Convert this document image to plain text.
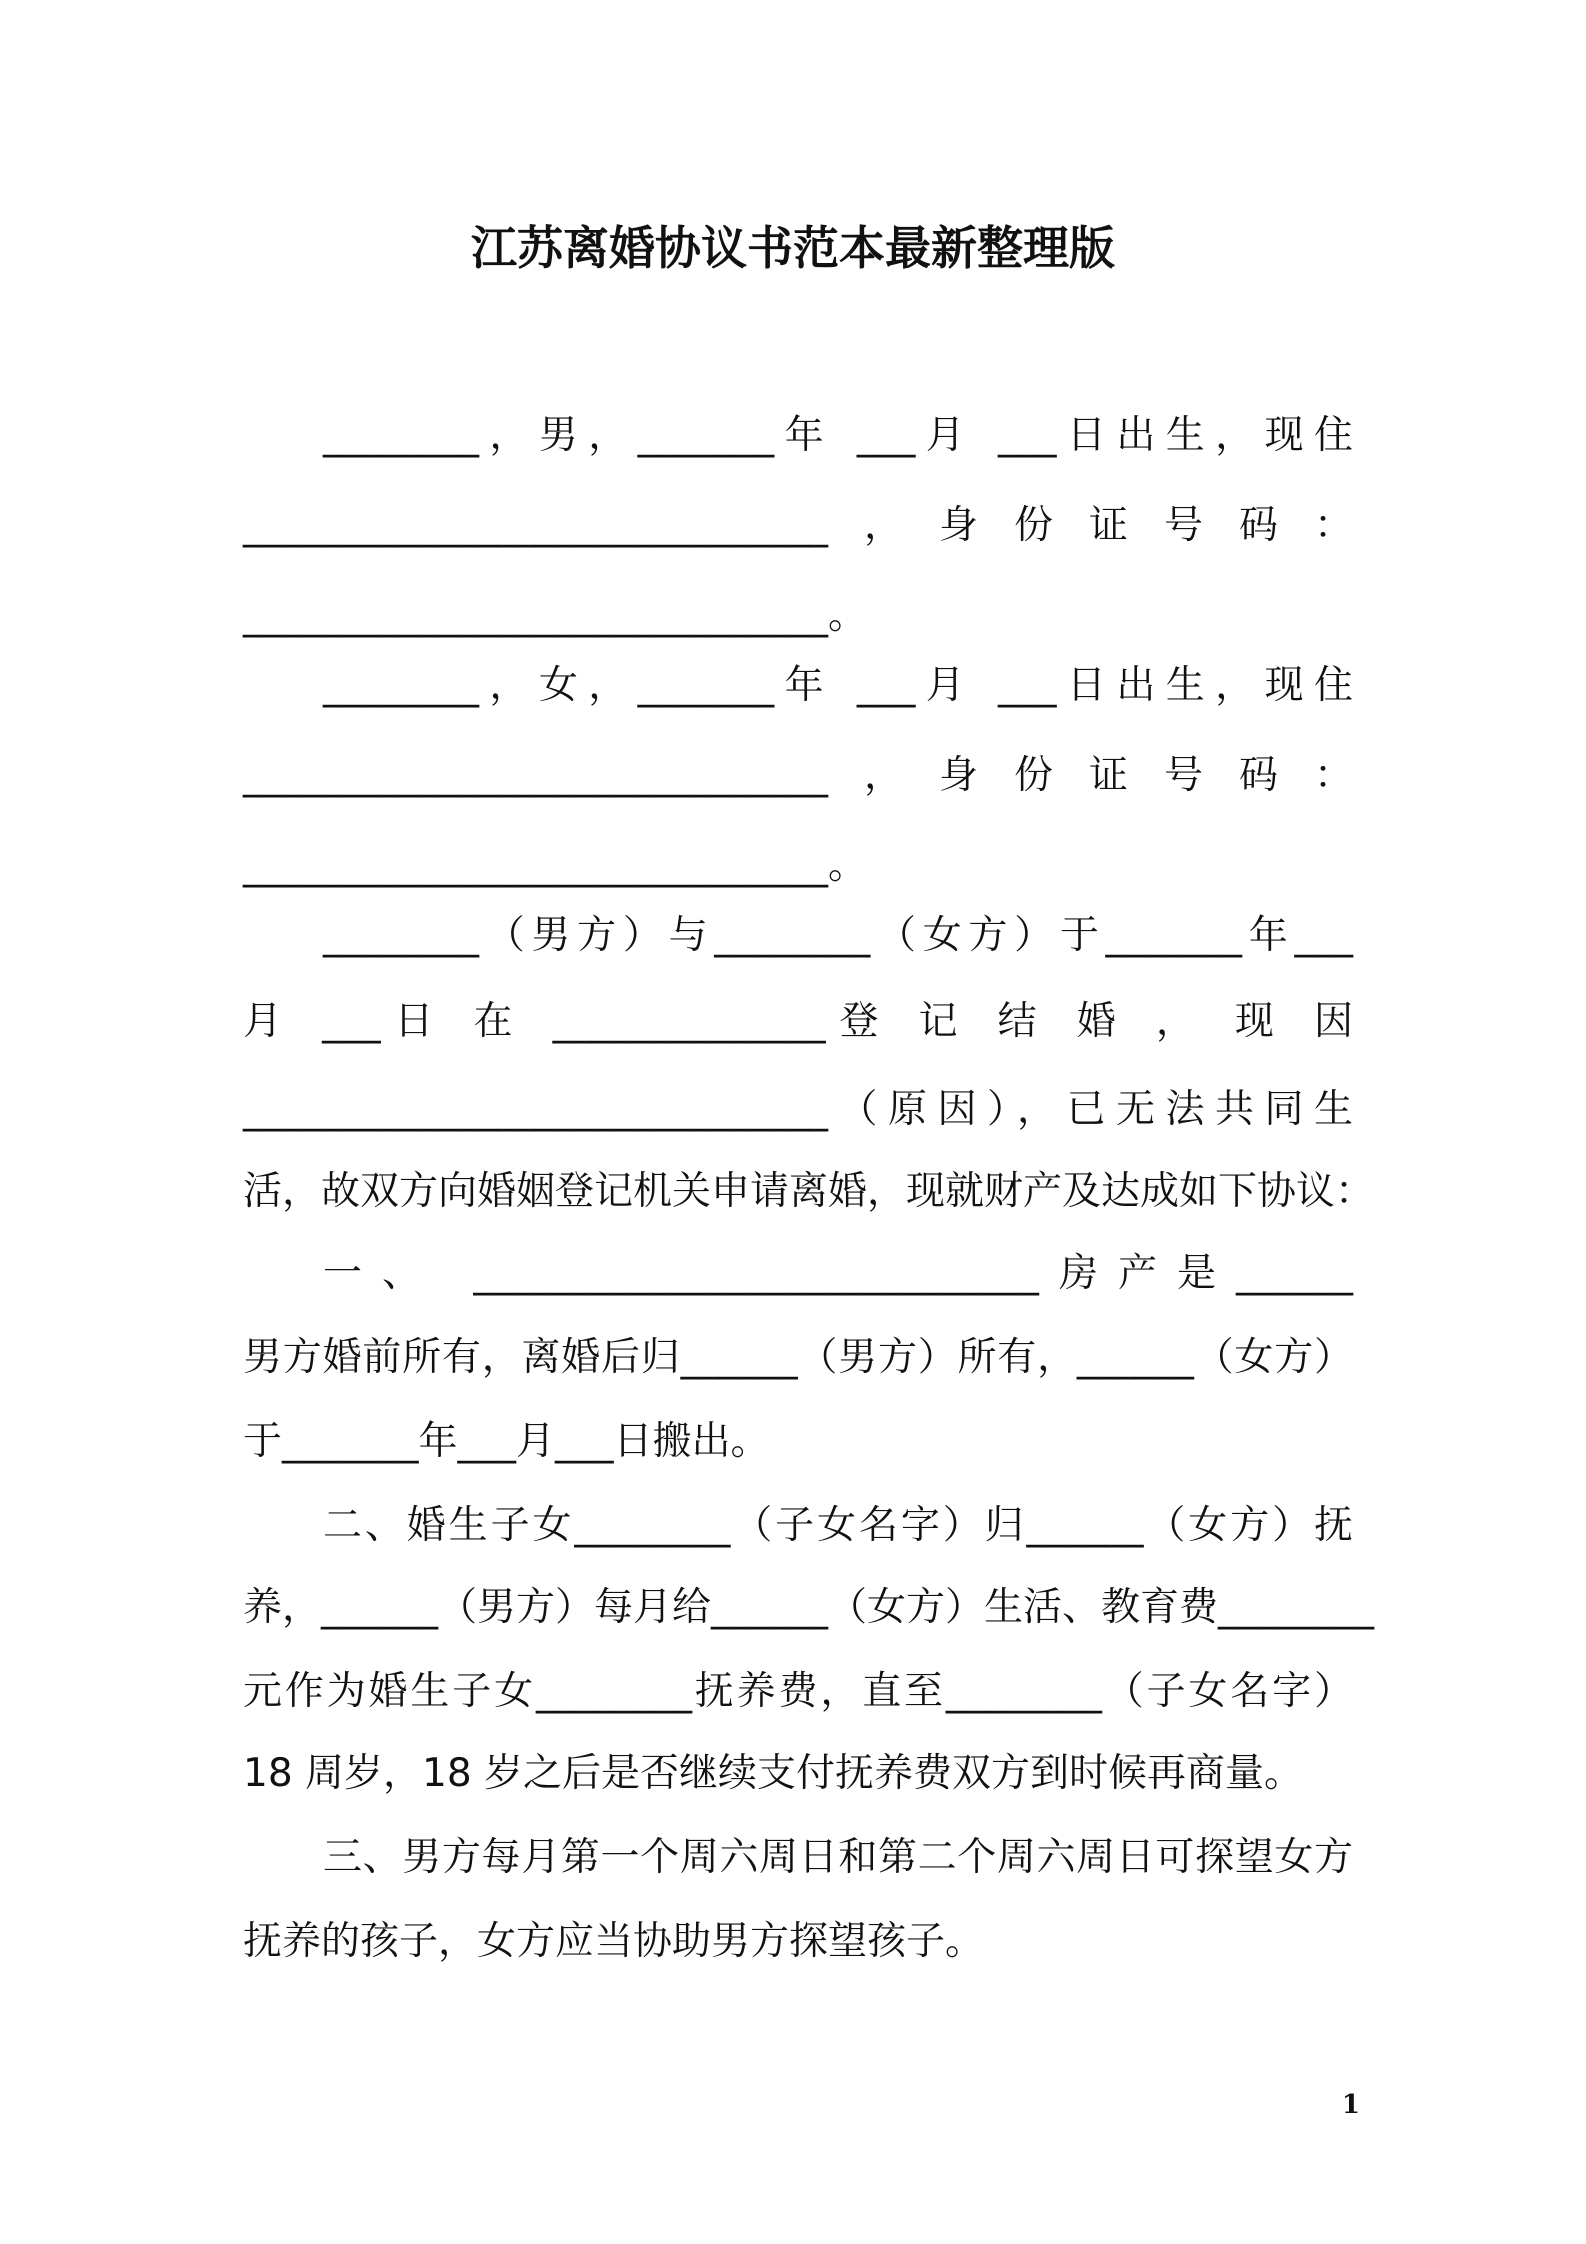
江苏离婚协议书范本最新整理版

________，男，_______年 ___月 ___日出生，现住

______________________________，身份证号码：

______________________________。

________，女，_______年 ___月 ___日出生，现住

______________________________，身份证号码：

______________________________。

________（男方）与________（女方）于_______年___

月 ___日 在 ______________登 记 结 婚 ， 现 因

______________________________（原因），已无法共同生

活，故双方向婚姻登记机关申请离婚，现就财产及达成如下协议：

一、 _____________________________房产是______

男方婚前所有，离婚后归______（男方）所有，______（女方）

于_______年___月___日搬出。

二、婚生子女________（子女名字）归______（女方）抚

养，______（男方）每月给______（女方）生活、教育费________

元作为婚生子女________抚养费，直至________（子女名字）

18 周岁，18 岁之后是否继续支付抚养费双方到时候再商量。

三、男方每月第一个周六周日和第二个周六周日可探望女方

抚养的孩子，女方应当协助男方探望孩子。

1
